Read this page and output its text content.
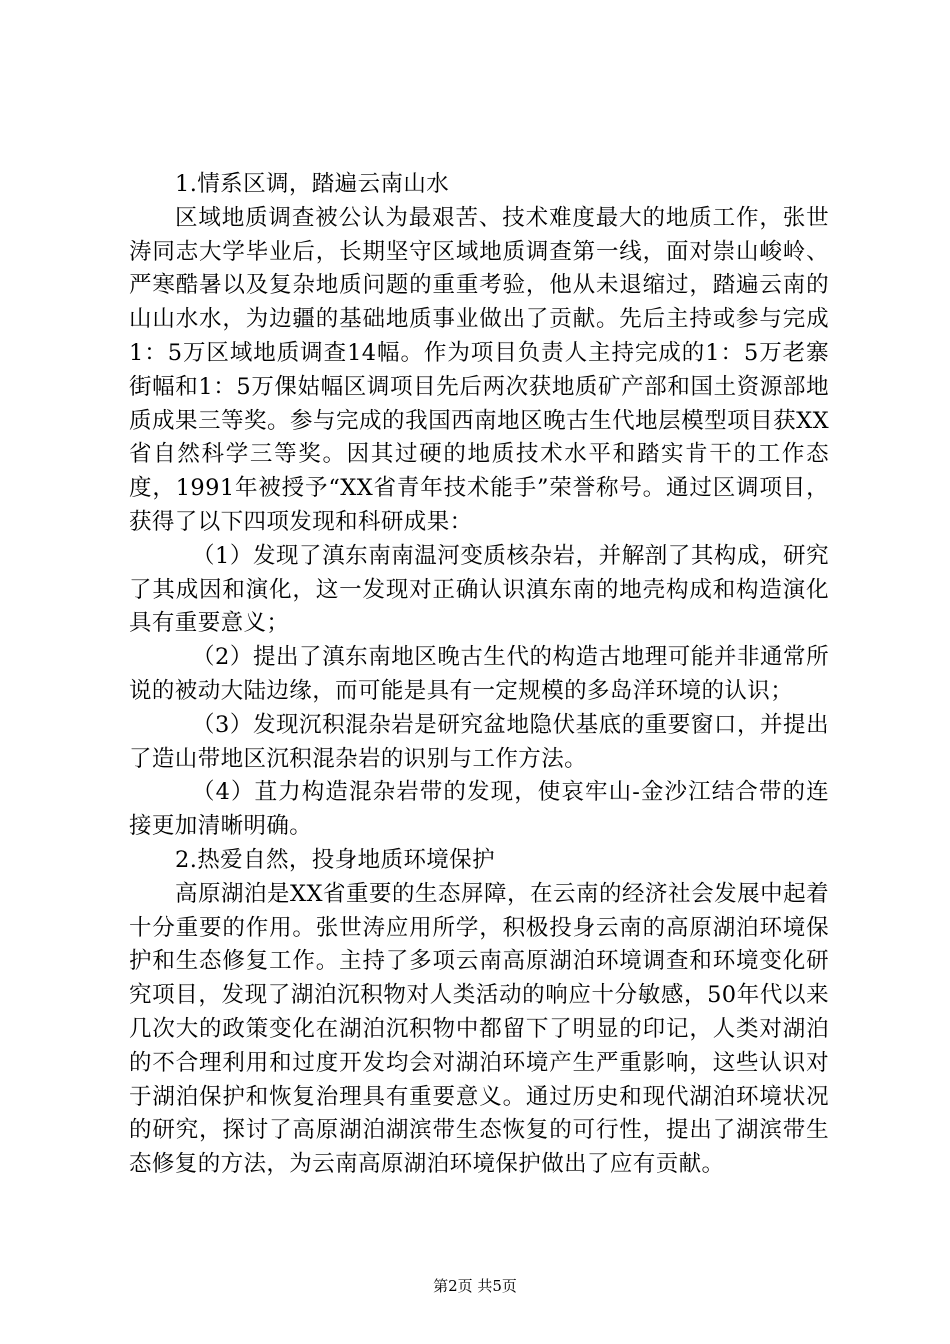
1.情系区调，踏遍云南山水

区域地质调查被公认为最艰苦、技术难度最大的地质工作，张世涛同志大学毕业后，长期坚守区域地质调查第一线，面对崇山峻岭、严寒酷暑以及复杂地质问题的重重考验，他从未退缩过，踏遍云南的山山水水，为边疆的基础地质事业做出了贡献。先后主持或参与完成1：5万区域地质调查14幅。作为项目负责人主持完成的1：5万老寨街幅和1：5万倮姑幅区调项目先后两次获地质矿产部和国土资源部地质成果三等奖。参与完成的我国西南地区晚古生代地层模型项目获XX省自然科学三等奖。因其过硬的地质技术水平和踏实肯干的工作态度，1991年被授予“XX省青年技术能手”荣誉称号。通过区调项目，获得了以下四项发现和科研成果：

（1）发现了滇东南南温河变质核杂岩，并解剖了其构成，研究了其成因和演化，这一发现对正确认识滇东南的地壳构成和构造演化具有重要意义；

（2）提出了滇东南地区晚古生代的构造古地理可能并非通常所说的被动大陆边缘，而可能是具有一定规模的多岛洋环境的认识；

（3）发现沉积混杂岩是研究盆地隐伏基底的重要窗口，并提出了造山带地区沉积混杂岩的识别与工作方法。

（4）苴力构造混杂岩带的发现，使哀牢山-金沙江结合带的连接更加清晰明确。

2.热爱自然，投身地质环境保护

高原湖泊是XX省重要的生态屏障，在云南的经济社会发展中起着十分重要的作用。张世涛应用所学，积极投身云南的高原湖泊环境保护和生态修复工作。主持了多项云南高原湖泊环境调查和环境变化研究项目，发现了湖泊沉积物对人类活动的响应十分敏感，50年代以来几次大的政策变化在湖泊沉积物中都留下了明显的印记，人类对湖泊的不合理利用和过度开发均会对湖泊环境产生严重影响，这些认识对于湖泊保护和恢复治理具有重要意义。通过历史和现代湖泊环境状况的研究，探讨了高原湖泊湖滨带生态恢复的可行性，提出了湖滨带生态修复的方法，为云南高原湖泊环境保护做出了应有贡献。

第2页 共5页
